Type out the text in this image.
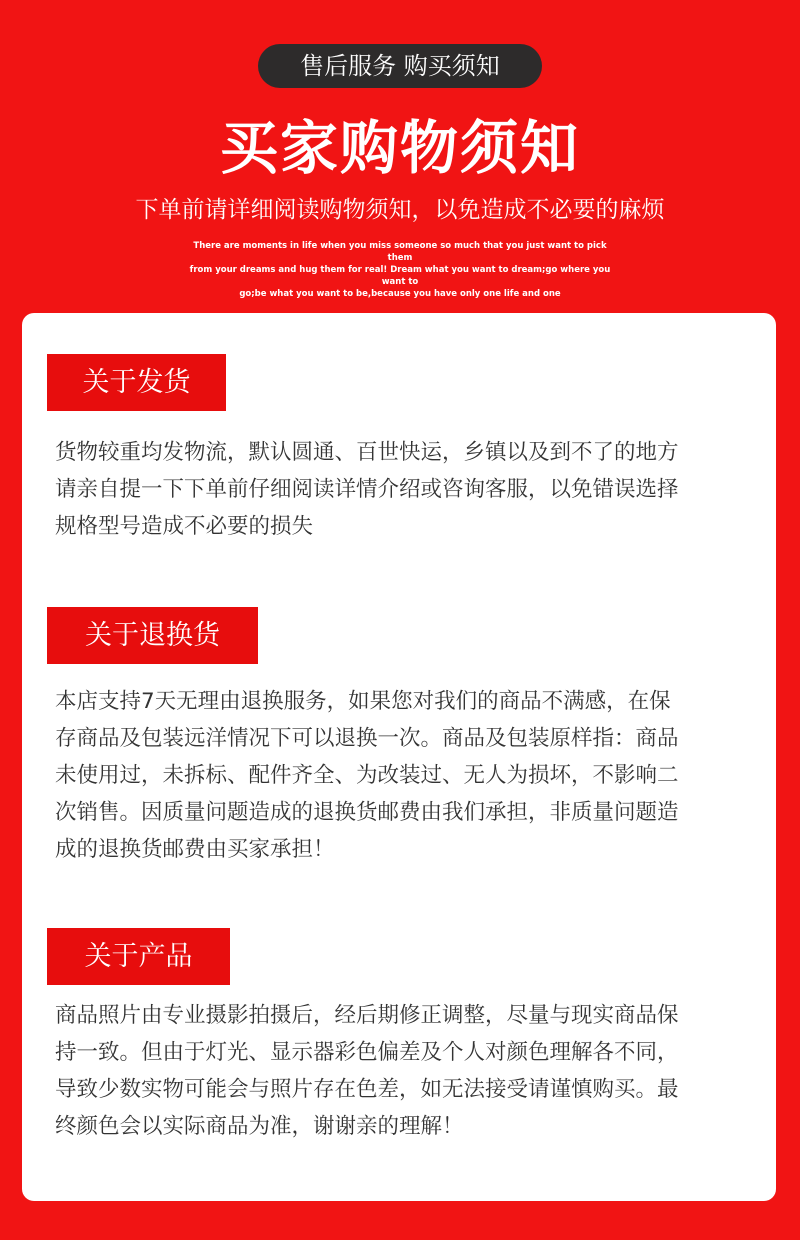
售后服务 购买须知
买家购物须知
下单前请详细阅读购物须知，以免造成不必要的麻烦
There are moments in life when you miss someone so much that you just want to pick them
from your dreams and hug them for real! Dream what you want to dream;go where you want to
go;be what you want to be,because you have only one life and one
关于发货
货物较重均发物流，默认圆通、百世快运，乡镇以及到不了的地方
请亲自提一下下单前仔细阅读详情介绍或咨询客服，以免错误选择
规格型号造成不必要的损失
关于退换货
本店支持7天无理由退换服务，如果您对我们的商品不满感，在保
存商品及包装远洋情况下可以退换一次。商品及包装原样指：商品
未使用过，未拆标、配件齐全、为改装过、无人为损坏，不影响二
次销售。因质量问题造成的退换货邮费由我们承担，非质量问题造
成的退换货邮费由买家承担！
关于产品
商品照片由专业摄影拍摄后，经后期修正调整，尽量与现实商品保
持一致。但由于灯光、显示器彩色偏差及个人对颜色理解各不同，
导致少数实物可能会与照片存在色差，如无法接受请谨慎购买。最
终颜色会以实际商品为准，谢谢亲的理解！
